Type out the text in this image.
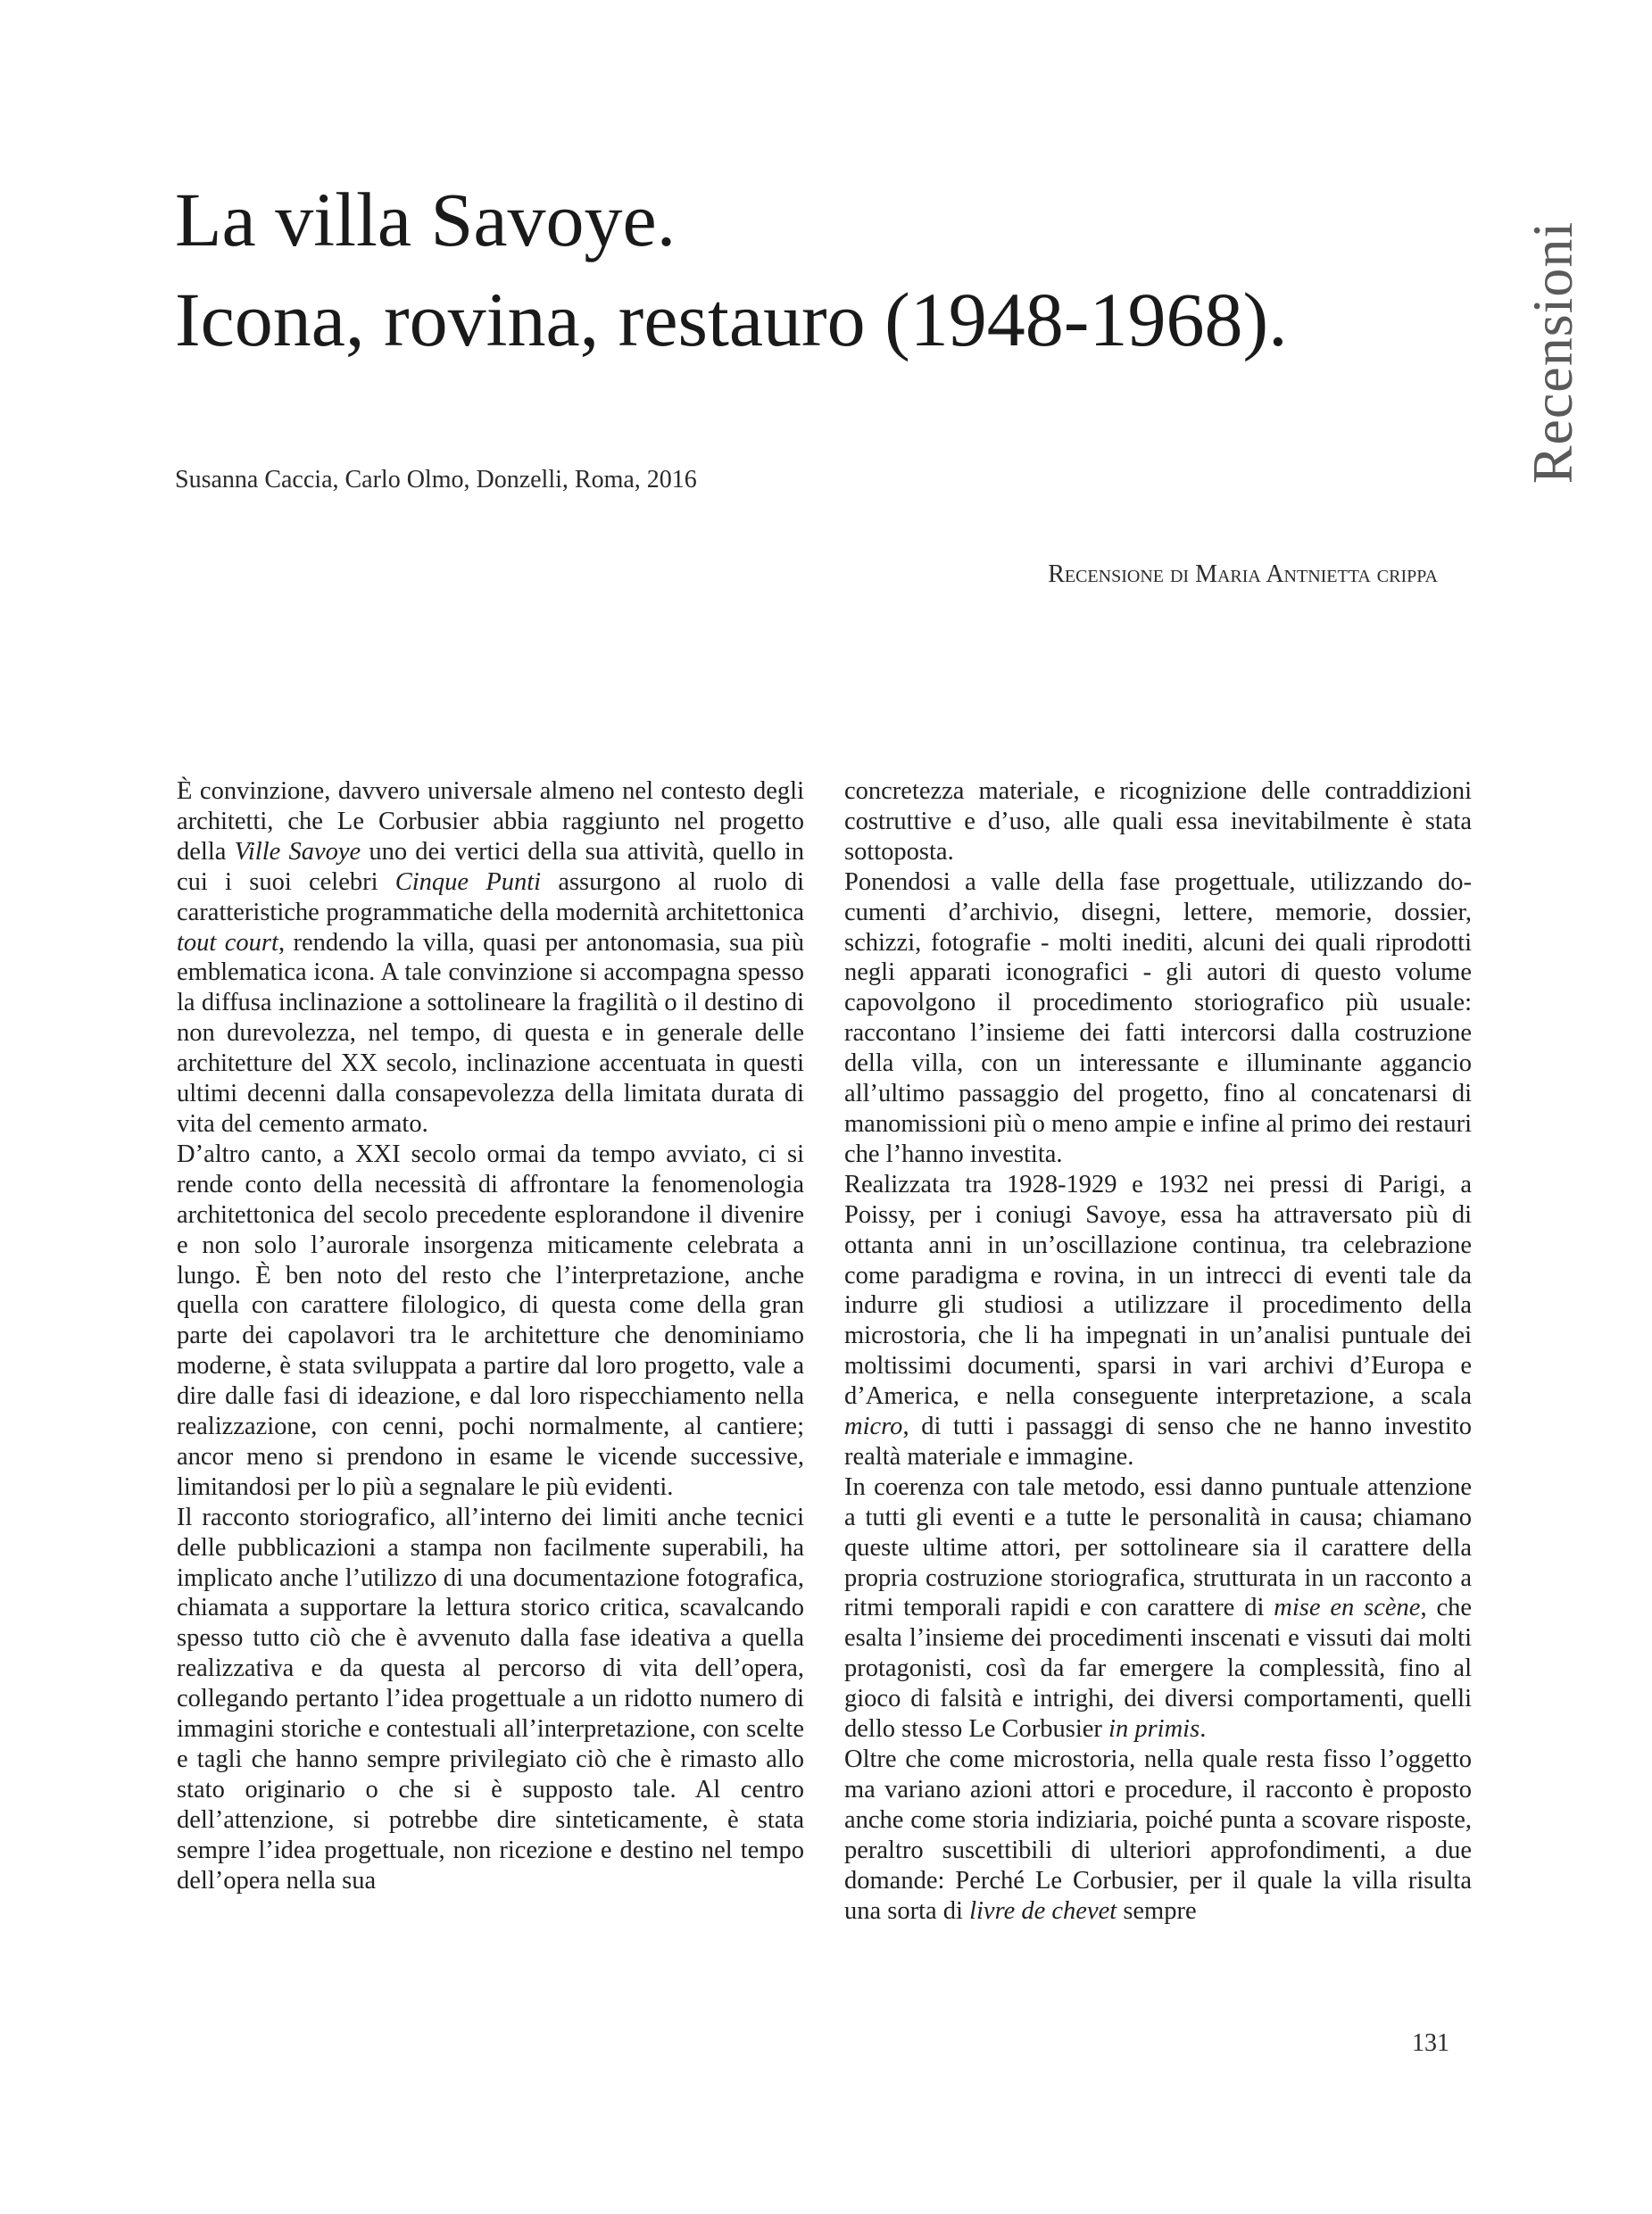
La villa Savoye.
Icona, rovina, restauro (1948-1968).	Recensioni
Susanna Caccia, Carlo Olmo, Donzelli, Roma, 2016
Recensione di Maria Antnietta crippa

È convinzione, davvero universale almeno nel contesto degli architetti, che Le Corbusier abbia raggiunto nel progetto della Ville Savoye uno dei vertici della sua attività, quello in cui i suoi celebri Cinque Punti assurgono al ruolo di caratteristiche programmatiche della modernità architettonica tout court, rendendo la villa, quasi per antonomasia, sua più emblematica icona. A tale convinzione si accompagna spesso la diffusa inclinazione a sottolineare la fragilità o il destino di non durevolezza, nel tempo, di questa e in generale delle architetture del XX secolo, inclinazione accentuata in questi ultimi decenni dalla consapevolezza della limitata durata di vita del cemento armato.

D’altro canto, a XXI secolo ormai da tempo avviato, ci si rende conto della necessità di affrontare la fenomenologia architettonica del secolo precedente esplorandone il divenire e non solo l’aurorale insorgenza miticamente celebrata a lungo. È ben noto del resto che l’interpretazione, anche quella con carattere filologico, di questa come della gran parte dei capolavori tra le architetture che denominiamo moderne, è stata sviluppata a partire dal loro progetto, vale a dire dalle fasi di ideazione, e dal loro rispecchiamento nella realizzazione, con cenni, pochi normalmente, al cantiere; ancor meno si prendono in esame le vicende successive, limitandosi per lo più a segnalare le più evidenti.

Il racconto storiografico, all’interno dei limiti anche tecnici delle pubblicazioni a stampa non facilmente superabili, ha implicato anche l’utilizzo di una documentazione fotografica, chiamata a supportare la lettura storico critica, scavalcando spesso tutto ciò che è avvenuto dalla fase ideativa a quella realizzativa e da questa al percorso di vita dell’opera, collegando pertanto l’idea progettuale a un ridotto numero di immagini storiche e contestuali all’interpretazione, con scelte e tagli che hanno sempre privilegiato ciò che è rimasto allo stato originario o che si è supposto tale. Al centro dell’attenzione, si potrebbe dire sinteticamente, è stata sempre l’idea progettuale, non ricezione e destino nel tempo dell’opera nella sua

concretezza materiale, e ricognizione delle contraddizioni costruttive e d’uso, alle quali essa inevitabilmente è stata sottoposta.

Ponendosi a valle della fase progettuale, utilizzando documenti d’archivio, disegni, lettere, memorie, dossier, schizzi, fotografie - molti inediti, alcuni dei quali riprodotti negli apparati iconografici - gli autori di questo volume capovolgono il procedimento storiografico più usuale: raccontano l’insieme dei fatti intercorsi dalla costruzione della villa, con un interessante e illuminante aggancio all’ultimo passaggio del progetto, fino al concatenarsi di manomissioni più o meno ampie e infine al primo dei restauri che l’hanno investita.

Realizzata tra 1928-1929 e 1932 nei pressi di Parigi, a Poissy, per i coniugi Savoye, essa ha attraversato più di ottanta anni in un’oscillazione continua, tra celebrazione come paradigma e rovina, in un intrecci di eventi tale da indurre gli studiosi a utilizzare il procedimento della microstoria, che li ha impegnati in un’analisi puntuale dei moltissimi documenti, sparsi in vari archivi d’Europa e d’America, e nella conseguente interpretazione, a scala micro, di tutti i passaggi di senso che ne hanno investito realtà materiale e immagine.

In coerenza con tale metodo, essi danno puntuale attenzione a tutti gli eventi e a tutte le personalità in causa; chiamano queste ultime attori, per sottolineare sia il carattere della propria costruzione storiografica, strutturata in un racconto a ritmi temporali rapidi e con carattere di mise en scène, che esalta l’insieme dei procedimenti inscenati e vissuti dai molti protagonisti, così da far emergere la complessità, fino al gioco di falsità e intrighi, dei diversi comportamenti, quelli dello stesso Le Corbusier in primis.

Oltre che come microstoria, nella quale resta fisso l’oggetto ma variano azioni attori e procedure, il racconto è proposto anche come storia indiziaria, poiché punta a scovare risposte, peraltro suscettibili di ulteriori approfondimenti, a due domande: Perché Le Corbusier, per il quale la villa risulta una sorta di livre de chevet sempre

131
